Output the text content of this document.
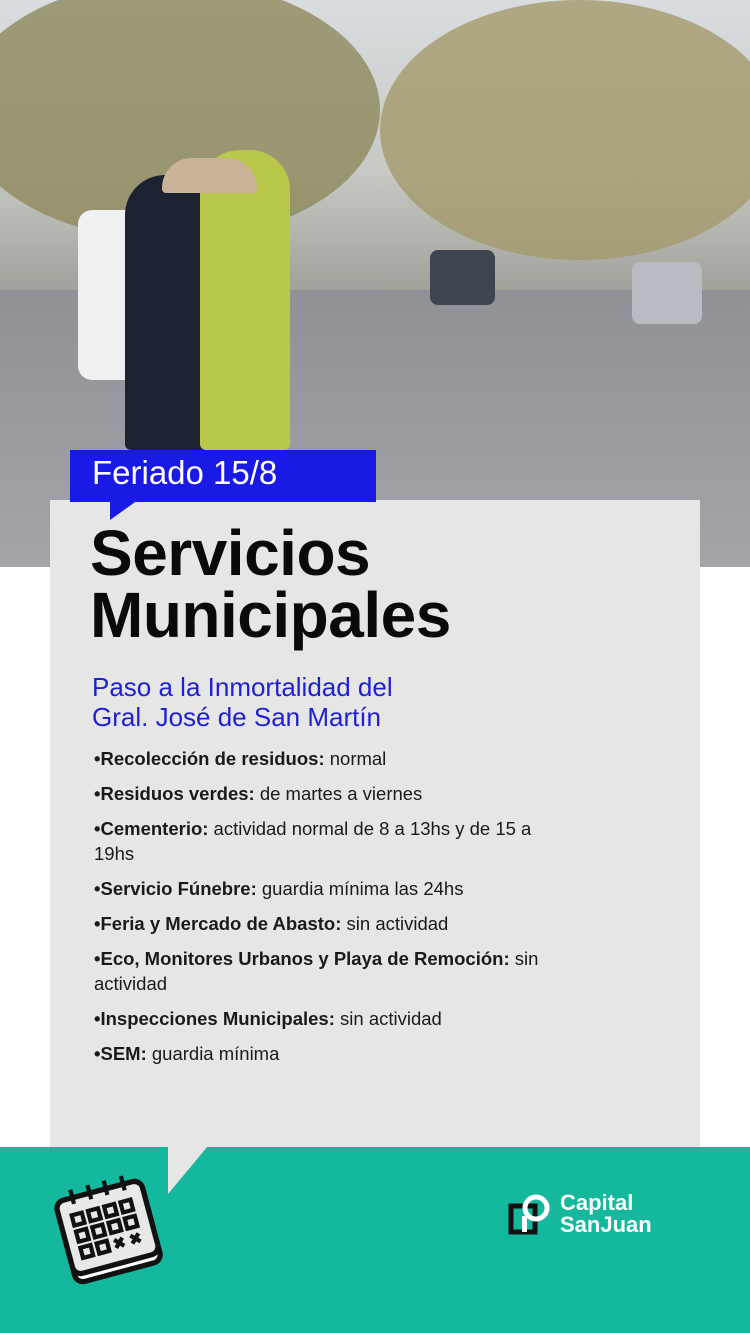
Feriado 15/8
Servicios
Municipales
Paso a la Inmortalidad del
Gral. José de San Martín
•Recolección de residuos: normal
•Residuos verdes: de martes a viernes
•Cementerio: actividad normal de 8 a 13hs y de 15 a 19hs
•Servicio Fúnebre: guardia mínima las 24hs
•Feria y Mercado de Abasto: sin actividad
•Eco, Monitores Urbanos y Playa de Remoción: sin actividad
•Inspecciones Municipales: sin actividad
•SEM: guardia mínima
Capital
SanJuan
